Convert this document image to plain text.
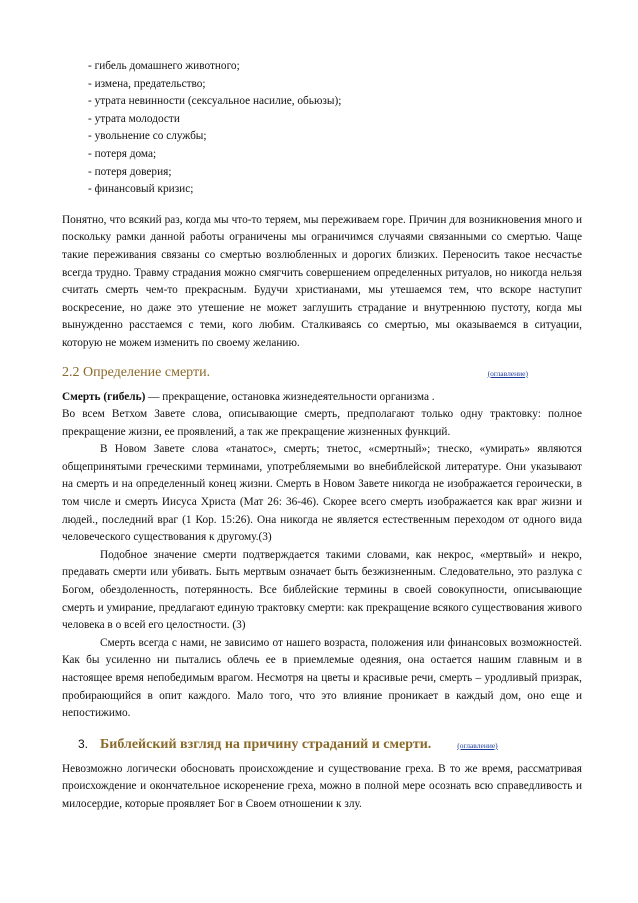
- гибель домашнего животного;
- измена, предательство;
- утрата невинности (сексуальное насилие, обьюзы);
- утрата молодости
- увольнение со службы;
- потеря дома;
- потеря доверия;
- финансовый кризис;

Понятно, что всякий раз, когда мы что-то теряем, мы переживаем горе. Причин для возникновения много и поскольку рамки данной работы ограничены мы ограничимся случаями связанными со смертью. Чаще такие переживания связаны со смертью возлюбленных и дорогих близких. Переносить такое несчастье всегда трудно. Травму страдания можно смягчить совершением определенных ритуалов, но никогда нельзя считать смерть чем-то прекрасным. Будучи христианами, мы утешаемся тем, что вскоре наступит воскресение, но даже это утешение не может заглушить страдание и внутреннюю пустоту, когда мы вынужденно расстаемся с теми, кого любим. Сталкиваясь со смертью, мы оказываемся в ситуации, которую не можем изменить по своему желанию.

2.2 Определение смерти.	(оглавление)

Смерть (гибель) — прекращение, остановка жизнедеятельности организма .

Во всем Ветхом Завете слова, описывающие смерть, предполагают только одну трактовку: полное прекращение жизни, ее проявлений, а так же прекращение жизненных функций.

В Новом Завете слова «танатос», смерть; тнетос, «смертный»; тнеско, «умирать» являются общепринятыми греческими терминами, употребляемыми во внебиблейской литературе. Они указывают на смерть и на определенный конец жизни. Смерть в Новом Завете никогда не изображается героически, в том числе и смерть Иисуса Христа (Мат 26: 36-46). Скорее всего смерть изображается как враг жизни и людей., последний враг (1 Кор. 15:26). Она никогда не является естественным переходом от одного вида человеческого существования к другому.(3)

Подобное значение смерти подтверждается такими словами, как некрос, «мертвый» и некро, предавать смерти или убивать. Быть мертвым означает быть безжизненным. Следовательно, это разлука с Богом, обездоленность, потерянность. Все библейские термины в своей совокупности, описывающие смерть и умирание, предлагают единую трактовку смерти: как прекращение всякого существования живого человека в о всей его целостности. (3)

Смерть всегда с нами, не зависимо от нашего возраста, положения или финансовых возможностей. Как бы усиленно ни пытались облечь ее в приемлемые одеяния, она остается нашим главным и в настоящее время непобедимым врагом. Несмотря на цветы и красивые речи, смерть – уродливый призрак, пробирающийся в опит каждого. Мало того, что это влияние проникает в каждый дом, оно еще и непостижимо.

3. Библейский взгляд на причину страданий и смерти.	(оглавление)

Невозможно логически обосновать происхождение и существование греха. В то же время, рассматривая происхождение и окончательное искоренение греха, можно в полной мере осознать всю справедливость и милосердие, которые проявляет Бог в Своем отношении к злу.
